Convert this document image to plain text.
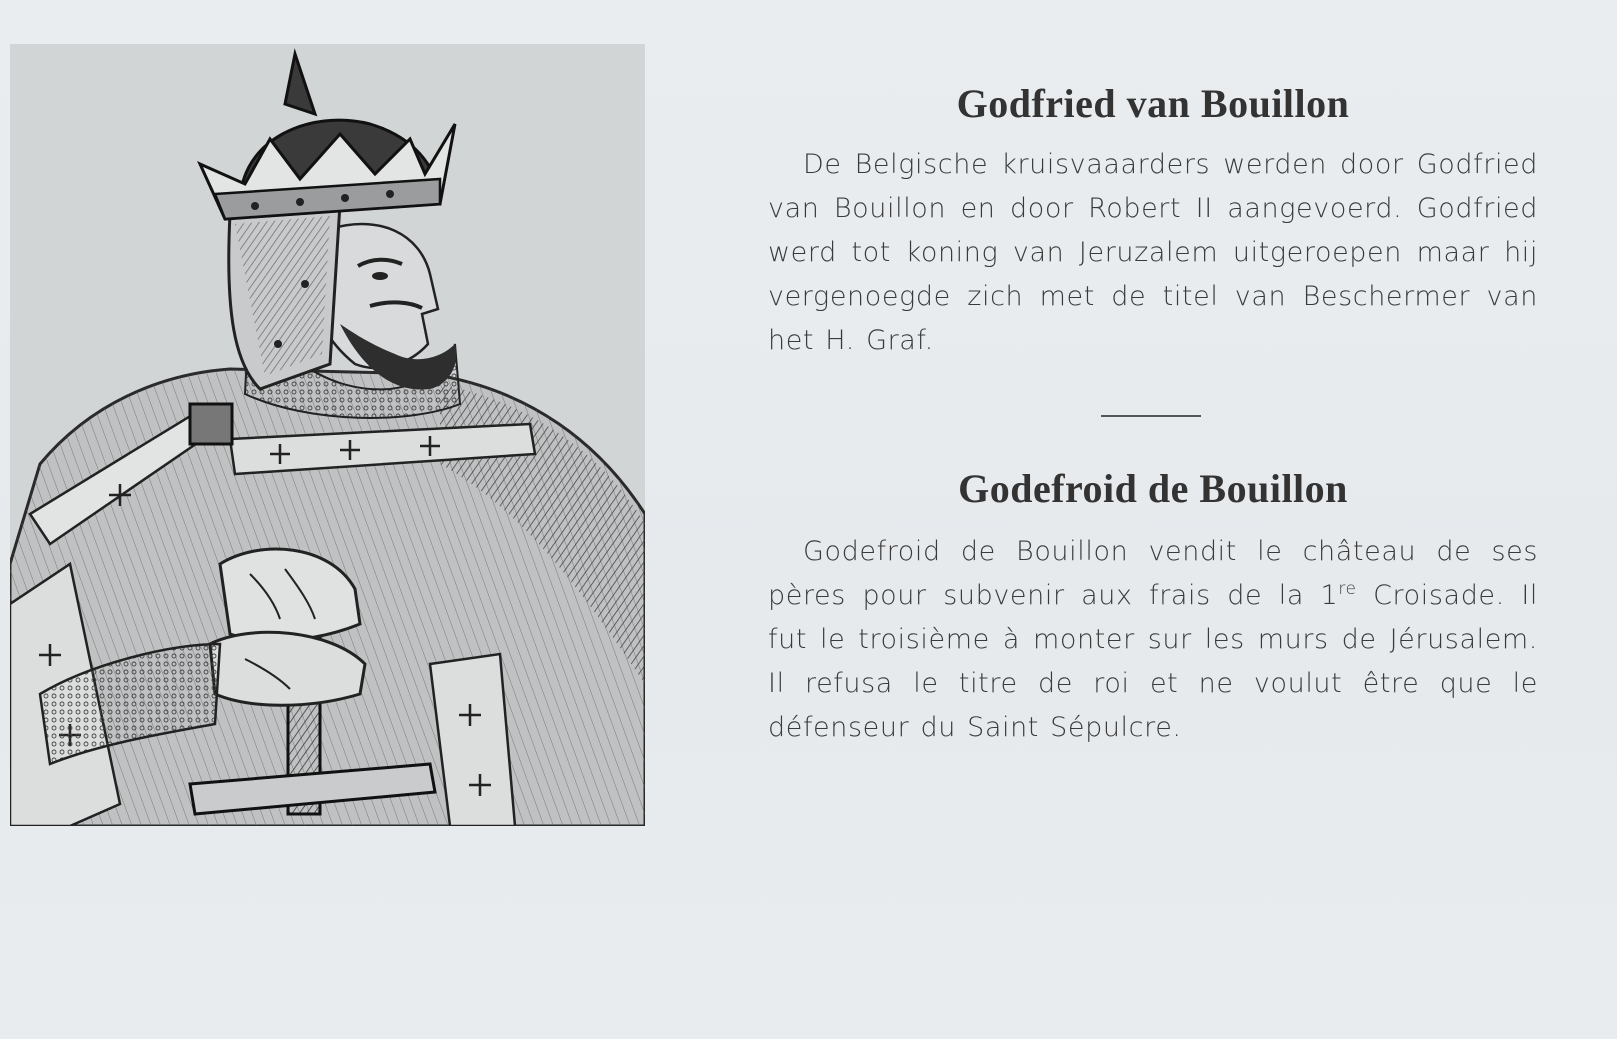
Godfried van Bouillon

De Belgische kruisvaaarders werden door Godfried van Bouillon en door Robert II aangevoerd. Godfried werd tot koning van Jeruzalem uitgeroepen maar hij vergenoegde zich met de titel van Beschermer van het H. Graf.

Godefroid de Bouillon

Godefroid de Bouillon vendit le château de ses pères pour subvenir aux frais de la 1re Croisade. Il fut le troisième à monter sur les murs de Jérusalem. Il refusa le titre de roi et ne voulut être que le défenseur du Saint Sépulcre.
